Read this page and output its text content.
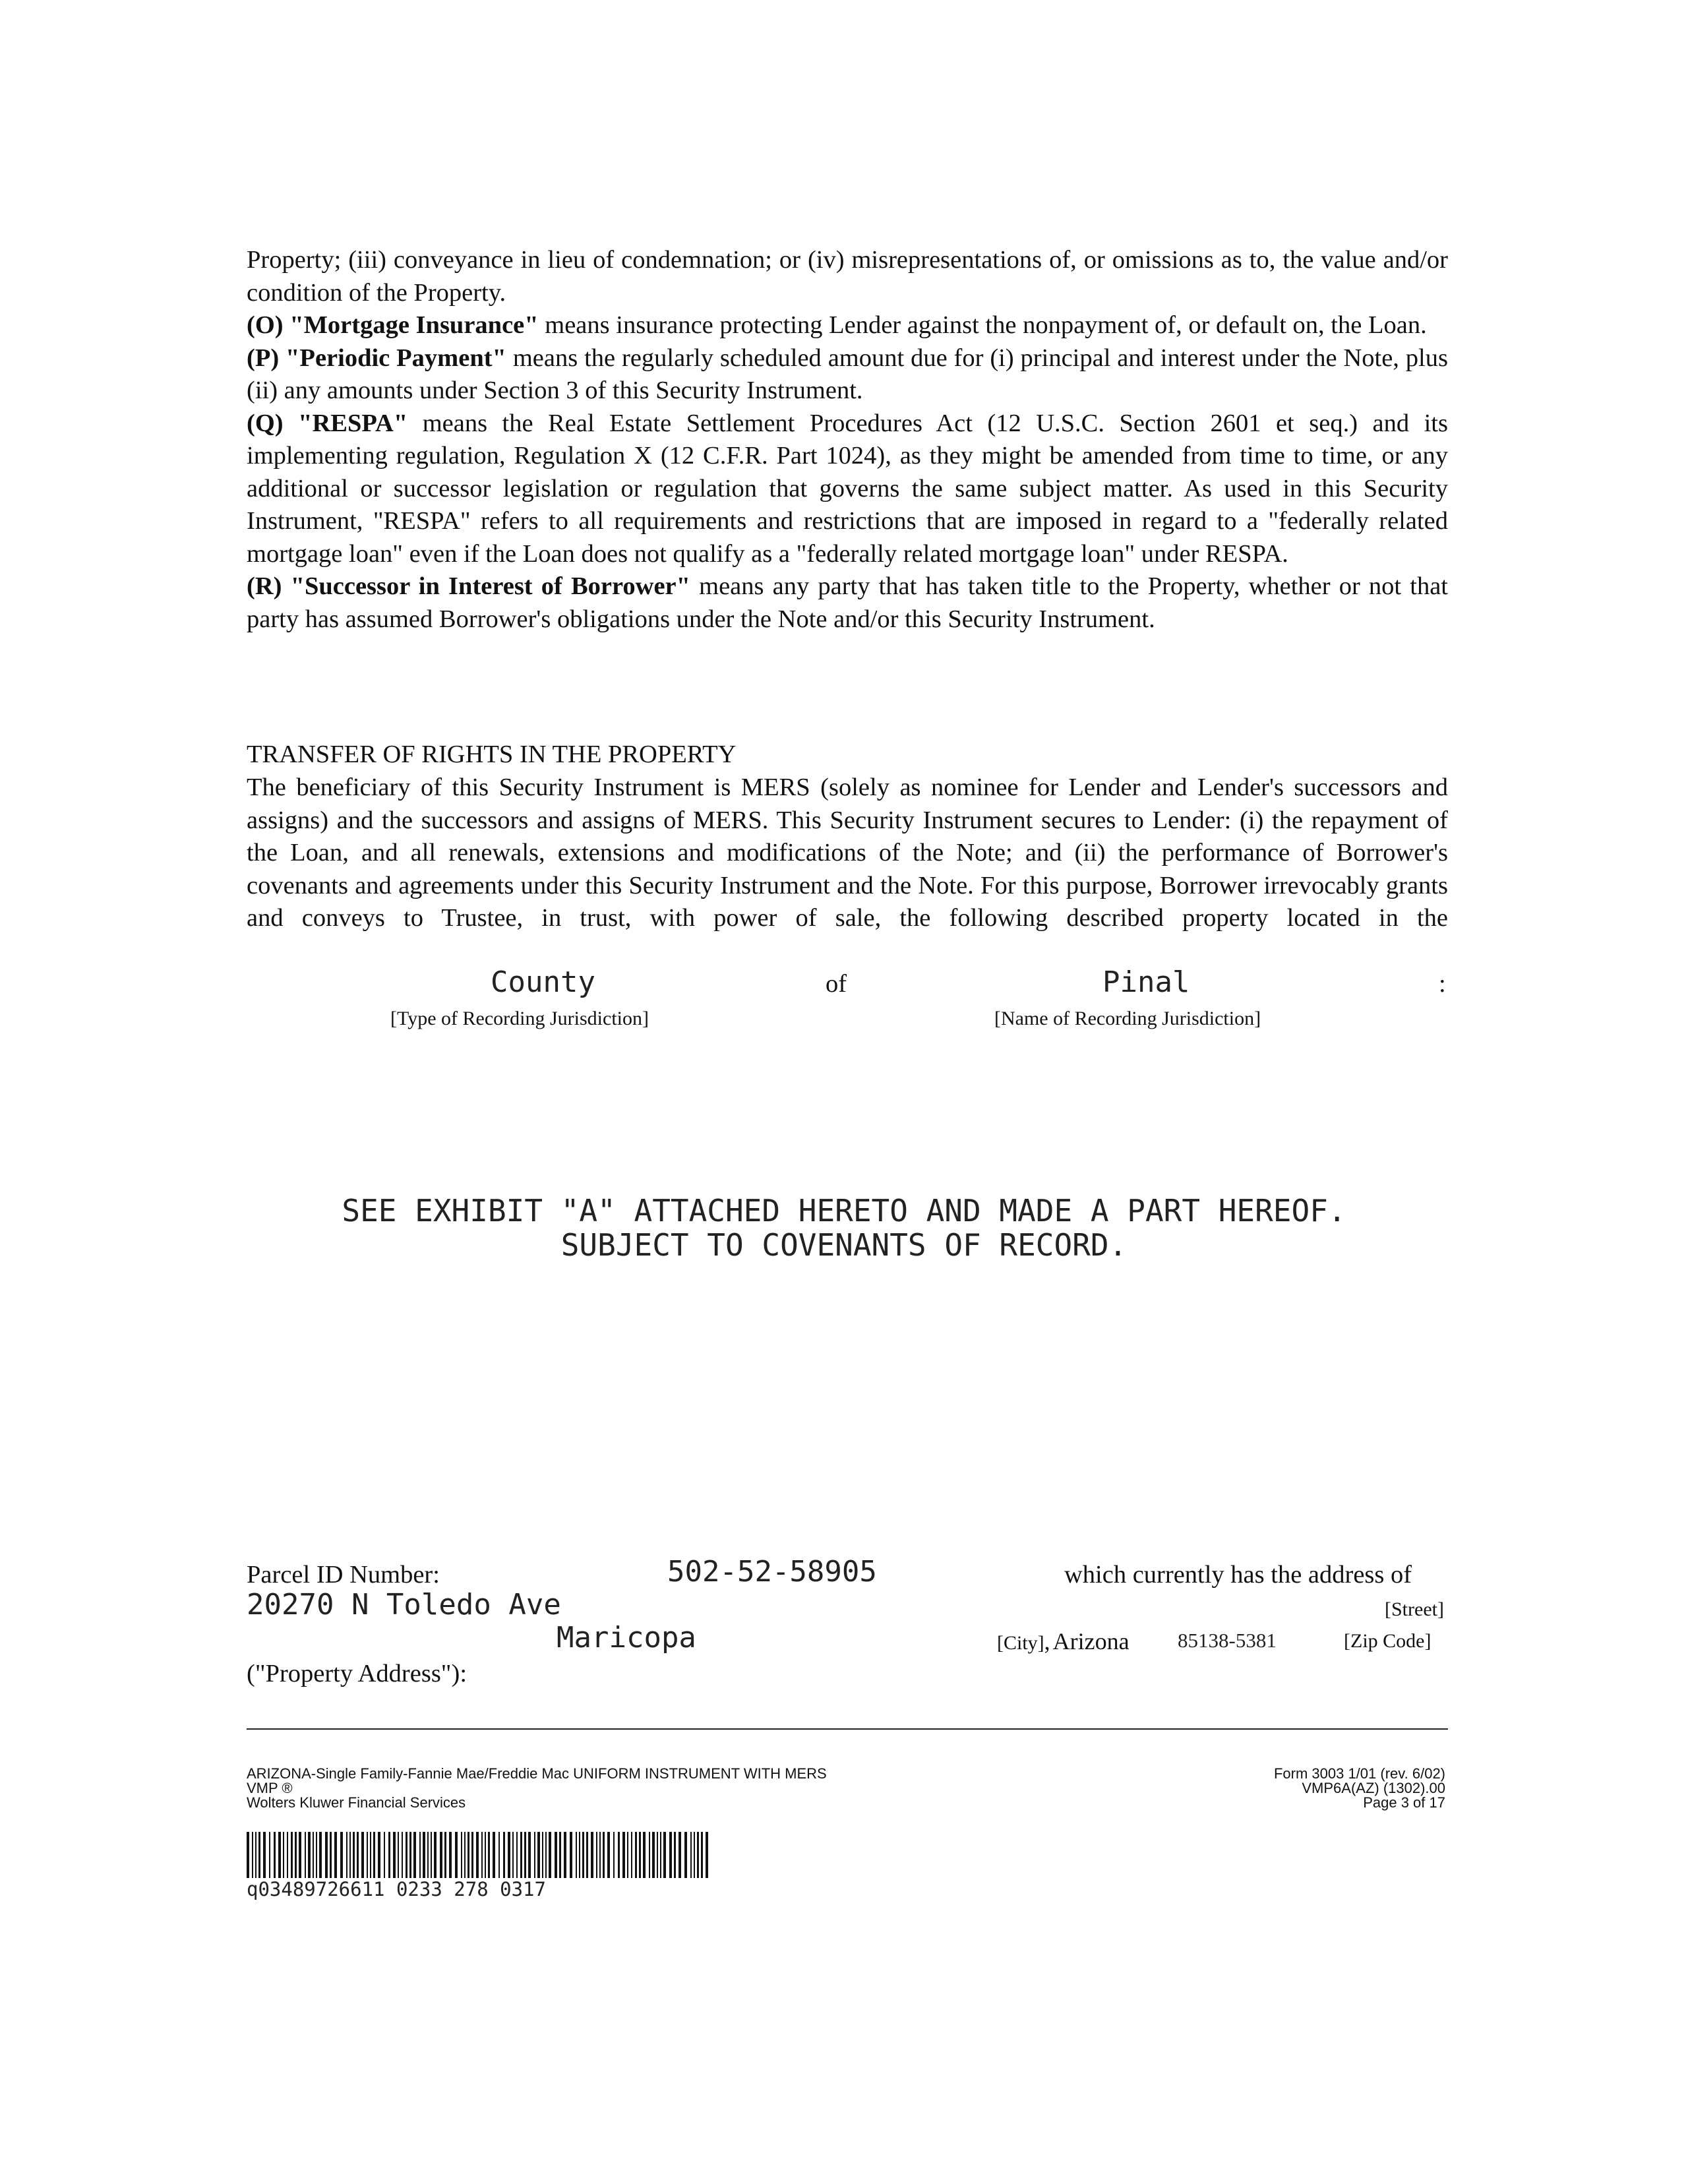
Property; (iii) conveyance in lieu of condemnation; or (iv) misrepresentations of, or omissions as to, the value and/or condition of the Property.

(O) "Mortgage Insurance" means insurance protecting Lender against the nonpayment of, or default on, the Loan.

(P) "Periodic Payment" means the regularly scheduled amount due for (i) principal and interest under the Note, plus (ii) any amounts under Section 3 of this Security Instrument.

(Q) "RESPA" means the Real Estate Settlement Procedures Act (12 U.S.C. Section 2601 et seq.) and its implementing regulation, Regulation X (12 C.F.R. Part 1024), as they might be amended from time to time, or any additional or successor legislation or regulation that governs the same subject matter. As used in this Security Instrument, "RESPA" refers to all requirements and restrictions that are imposed in regard to a "federally related mortgage loan" even if the Loan does not qualify as a "federally related mortgage loan" under RESPA.

(R) "Successor in Interest of Borrower" means any party that has taken title to the Property, whether or not that party has assumed Borrower's obligations under the Note and/or this Security Instrument.

TRANSFER OF RIGHTS IN THE PROPERTY
The beneficiary of this Security Instrument is MERS (solely as nominee for Lender and Lender's successors and assigns) and the successors and assigns of MERS. This Security Instrument secures to Lender: (i) the repayment of the Loan, and all renewals, extensions and modifications of the Note; and (ii) the performance of Borrower's covenants and agreements under this Security Instrument and the Note. For this purpose, Borrower irrevocably grants and conveys to Trustee, in trust, with power of sale, the following described property located in the
County	of	Pinal	:
[Type of Recording Jurisdiction]	[Name of Recording Jurisdiction]
SEE EXHIBIT "A" ATTACHED HERETO AND MADE A PART HEREOF.
SUBJECT TO COVENANTS OF RECORD.
Parcel ID Number:	502-52-58905	which currently has the address of
20270 N Toledo Ave	[Street]
Maricopa	[City], Arizona 85138-5381	[Zip Code]
("Property Address"):
ARIZONA-Single Family-Fannie Mae/Freddie Mac UNIFORM INSTRUMENT WITH MERS
VMP ®
Wolters Kluwer Financial Services
Form 3003 1/01 (rev. 6/02)
VMP6A(AZ) (1302).00
Page 3 of 17
q03489726611 0233 278 0317
